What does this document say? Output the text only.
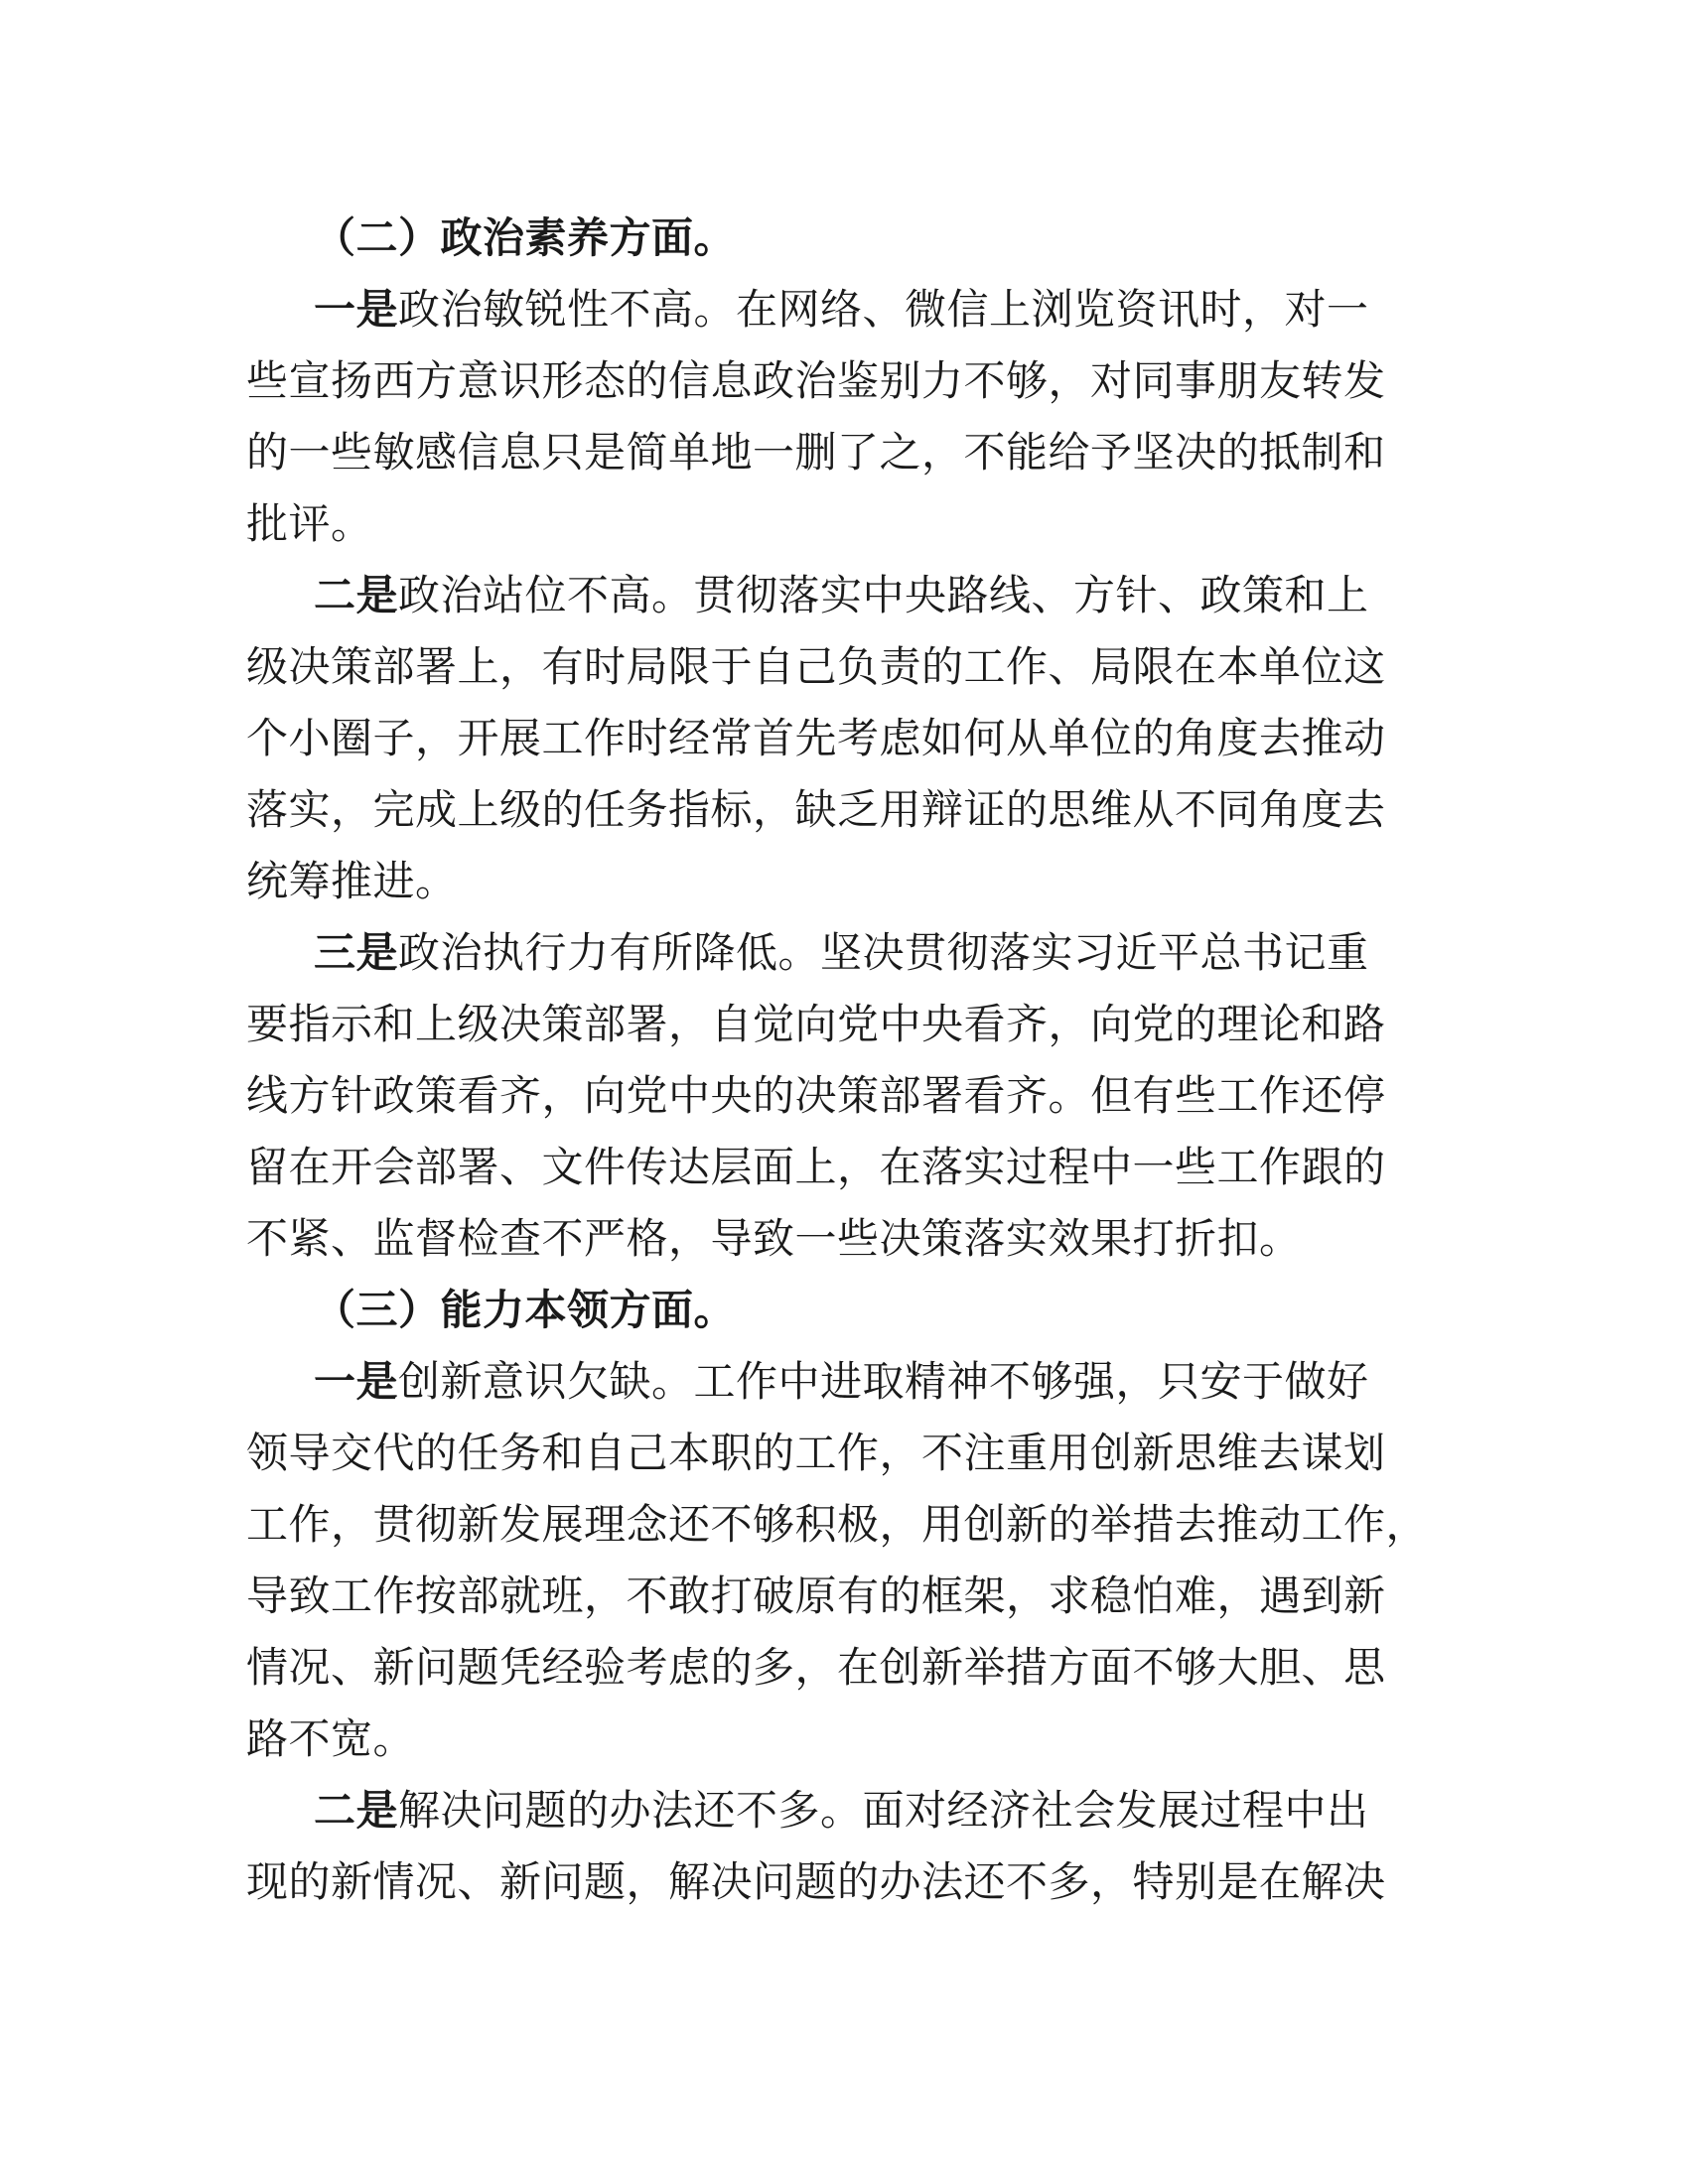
（二）政治素养方面。
一是政治敏锐性不高。在网络、微信上浏览资讯时，对一
些宣扬西方意识形态的信息政治鉴别力不够，对同事朋友转发
的一些敏感信息只是简单地一删了之，不能给予坚决的抵制和
批评。
二是政治站位不高。贯彻落实中央路线、方针、政策和上
级决策部署上，有时局限于自己负责的工作、局限在本单位这
个小圈子，开展工作时经常首先考虑如何从单位的角度去推动
落实，完成上级的任务指标，缺乏用辩证的思维从不同角度去
统筹推进。
三是政治执行力有所降低。坚决贯彻落实习近平总书记重
要指示和上级决策部署，自觉向党中央看齐，向党的理论和路
线方针政策看齐，向党中央的决策部署看齐。但有些工作还停
留在开会部署、文件传达层面上，在落实过程中一些工作跟的
不紧、监督检查不严格，导致一些决策落实效果打折扣。
（三）能力本领方面。
一是创新意识欠缺。工作中进取精神不够强，只安于做好
领导交代的任务和自己本职的工作，不注重用创新思维去谋划
工作，贯彻新发展理念还不够积极，用创新的举措去推动工作，
导致工作按部就班，不敢打破原有的框架，求稳怕难，遇到新
情况、新问题凭经验考虑的多，在创新举措方面不够大胆、思
路不宽。
二是解决问题的办法还不多。面对经济社会发展过程中出
现的新情况、新问题，解决问题的办法还不多，特别是在解决
